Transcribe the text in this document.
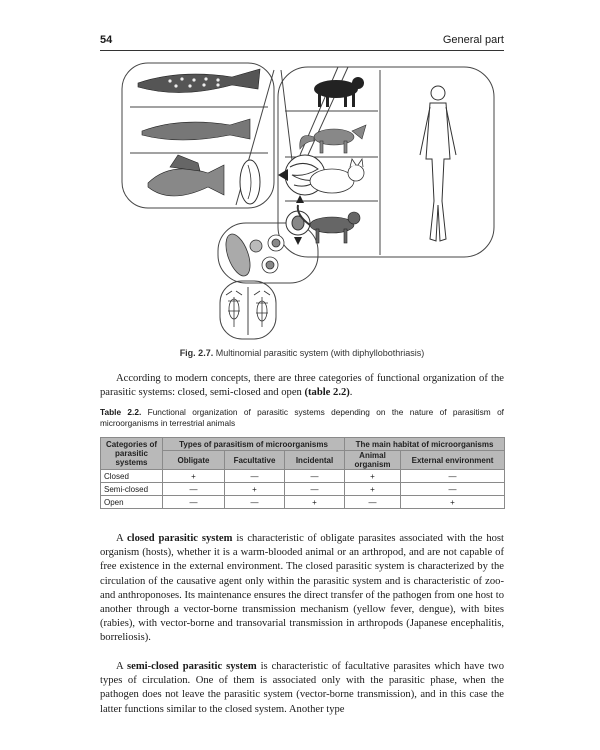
54	General part
Fig. 2.7. Multinomial parasitic system (with diphyllobothriasis)

According to modern concepts, there are three categories of functional organization of the parasitic systems: closed, semi-closed and open (table 2.2).

Table 2.2. Functional organization of parasitic systems depending on the nature of parasitism of microorganisms in terrestrial animals
Categories of parasitic systems	Types of parasitism of microorganisms			The main habitat of microorganisms	
	Obligate	Facultative	Incidental	Animal organism	External environment
Closed	+	—	—	+	—
Semi-closed	—	+	—	+	—
Open	—	—	+	—	+

A closed parasitic system is characteristic of obligate parasites associated with the host organism (hosts), whether it is a warm-blooded animal or an arthropod, and are not capable of free existence in the external environment. The closed parasitic system is characterized by the circulation of the causative agent only within the parasitic system and is characteristic of zoo- and anthroponoses. Its maintenance ensures the direct transfer of the pathogen from one host to another through a vector-borne transmission mechanism (yellow fever, dengue), with bites (rabies), with vector-borne and transovarial transmission in arthropods (Japanese encephalitis, borreliosis).

A semi-closed parasitic system is characteristic of facultative parasites which have two types of circulation. One of them is associated only with the parasitic phase, when the pathogen does not leave the parasitic system (vector-borne transmission), and in this case the latter functions similar to the closed system. Another type
